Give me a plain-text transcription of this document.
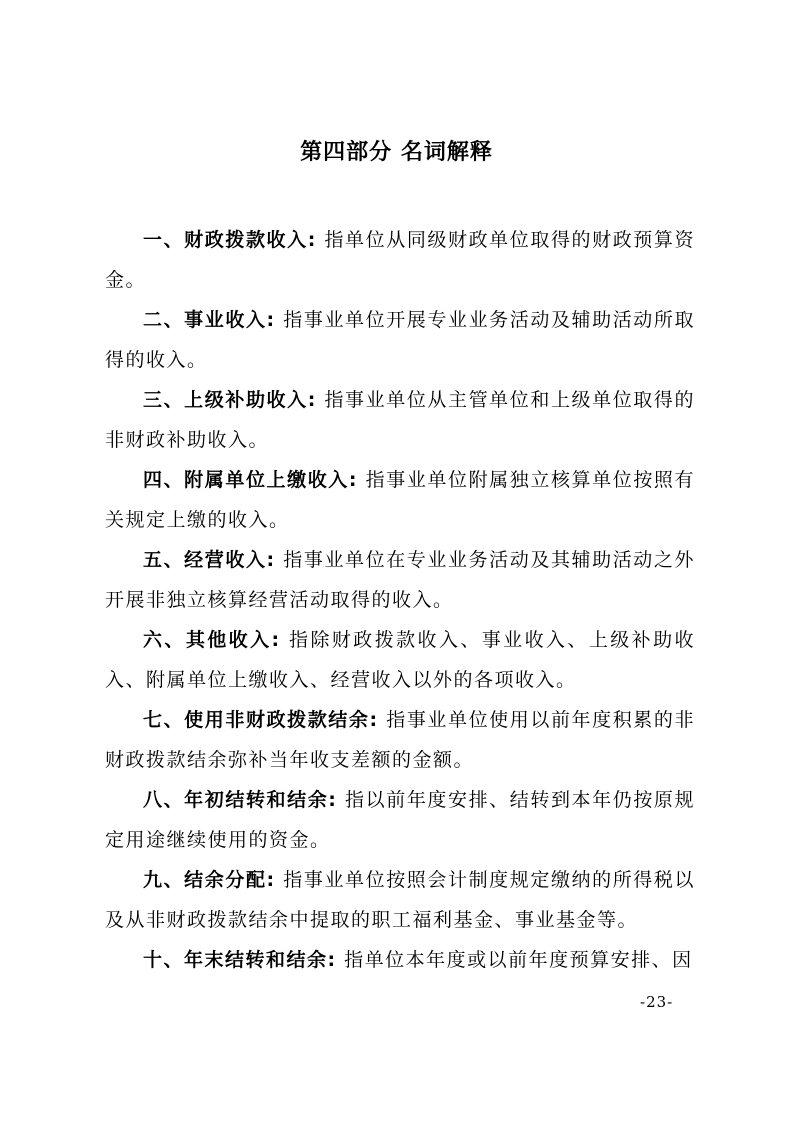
第四部分 名词解释

一、财政拨款收入: 指单位从同级财政单位取得的财政预算资金。

二、事业收入: 指事业单位开展专业业务活动及辅助活动所取得的收入。

三、上级补助收入: 指事业单位从主管单位和上级单位取得的非财政补助收入。

四、附属单位上缴收入: 指事业单位附属独立核算单位按照有关规定上缴的收入。

五、经营收入: 指事业单位在专业业务活动及其辅助活动之外开展非独立核算经营活动取得的收入。

六、其他收入: 指除财政拨款收入、事业收入、上级补助收入、附属单位上缴收入、经营收入以外的各项收入。

七、使用非财政拨款结余: 指事业单位使用以前年度积累的非财政拨款结余弥补当年收支差额的金额。

八、年初结转和结余: 指以前年度安排、结转到本年仍按原规定用途继续使用的资金。

九、结余分配: 指事业单位按照会计制度规定缴纳的所得税以及从非财政拨款结余中提取的职工福利基金、事业基金等。

十、年末结转和结余: 指单位本年度或以前年度预算安排、因

-23-
